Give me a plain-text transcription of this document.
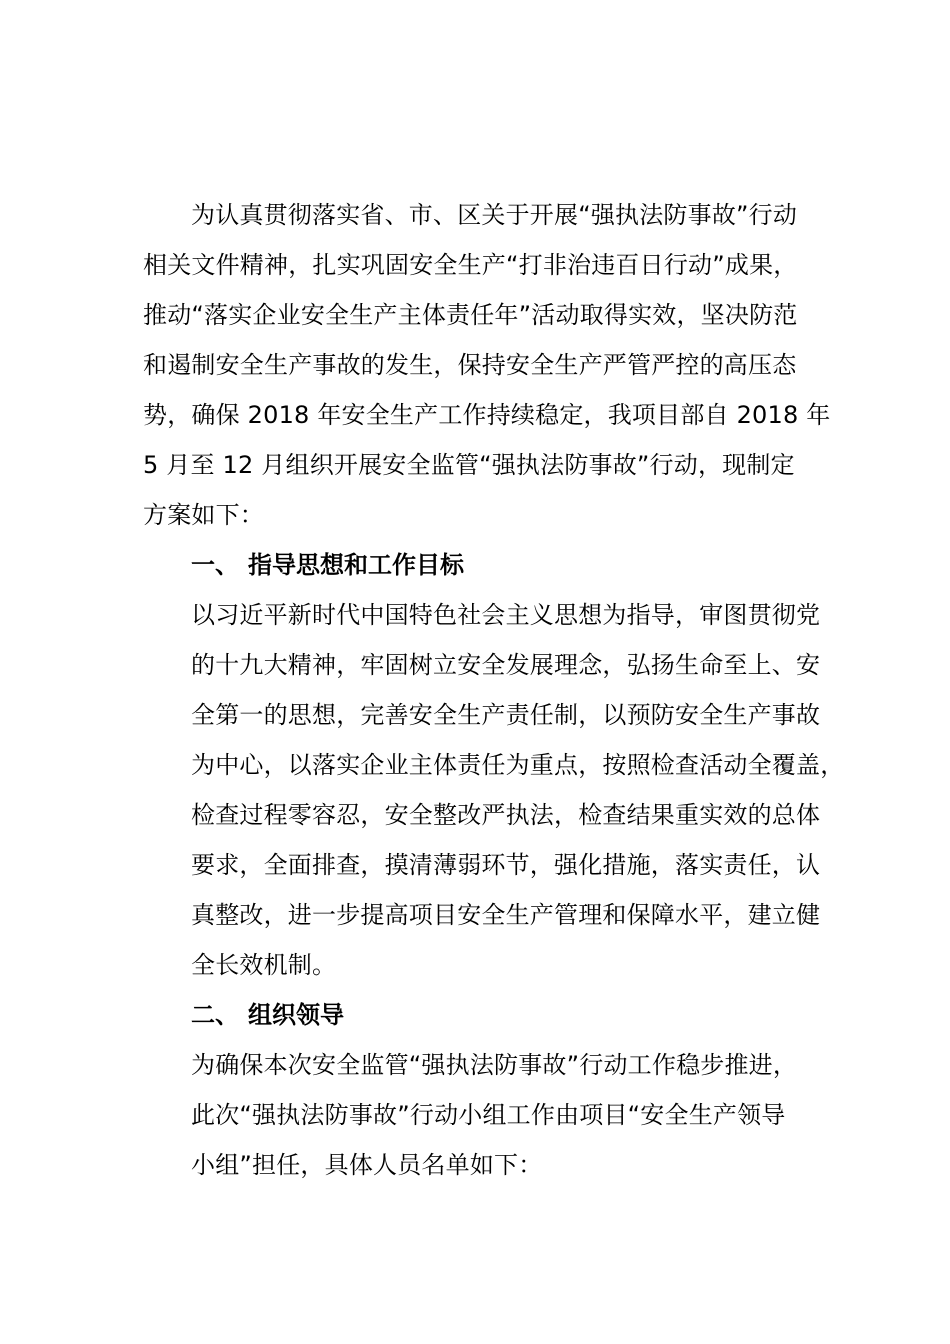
为认真贯彻落实省、市、区关于开展“强执法防事故”行动
相关文件精神，扎实巩固安全生产“打非治违百日行动”成果，
推动“落实企业安全生产主体责任年”活动取得实效，坚决防范
和遏制安全生产事故的发生，保持安全生产严管严控的高压态
势，确保 2018 年安全生产工作持续稳定，我项目部自 2018 年
5 月至 12 月组织开展安全监管“强执法防事故”行动，现制定
方案如下：
一、 指导思想和工作目标
以习近平新时代中国特色社会主义思想为指导，审图贯彻党
的十九大精神，牢固树立安全发展理念，弘扬生命至上、安
全第一的思想，完善安全生产责任制，以预防安全生产事故
为中心，以落实企业主体责任为重点，按照检查活动全覆盖，
检查过程零容忍，安全整改严执法，检查结果重实效的总体
要求，全面排查，摸清薄弱环节，强化措施，落实责任，认
真整改，进一步提高项目安全生产管理和保障水平，建立健
全长效机制。
二、 组织领导
为确保本次安全监管“强执法防事故”行动工作稳步推进，
此次“强执法防事故”行动小组工作由项目“安全生产领导
小组”担任，具体人员名单如下：
